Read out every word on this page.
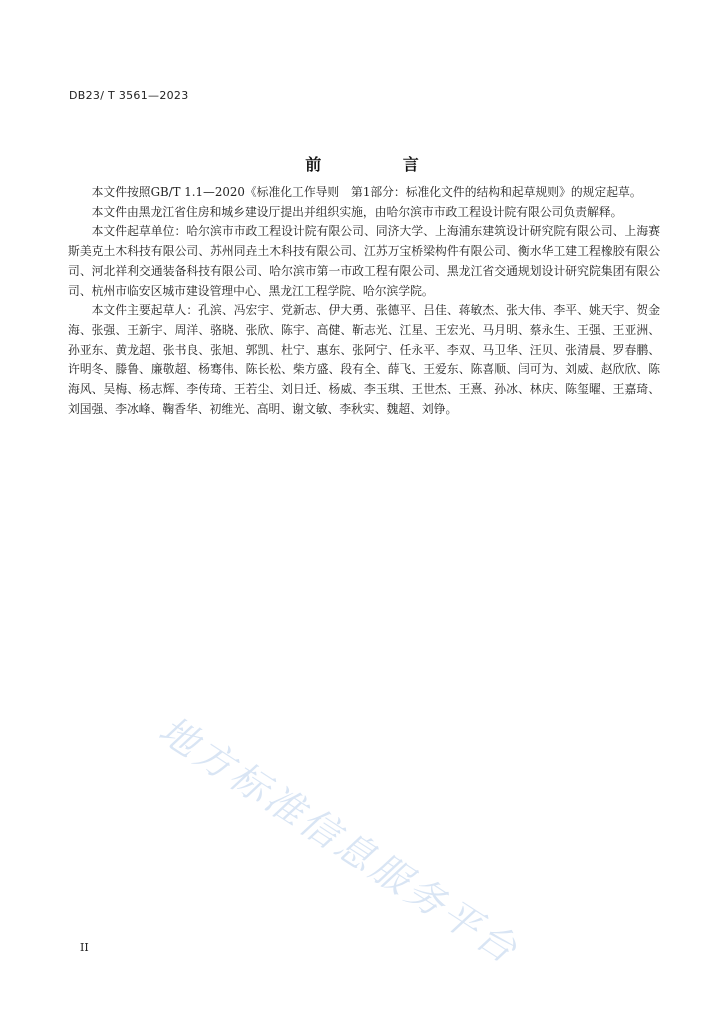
DB23/ T 3561—2023
前 言

本文件按照GB/T 1.1—2020《标准化工作导则　第1部分：标准化文件的结构和起草规则》的规定起草。

本文件由黑龙江省住房和城乡建设厅提出并组织实施，由哈尔滨市市政工程设计院有限公司负责解释。

本文件起草单位：哈尔滨市市政工程设计院有限公司、同济大学、上海浦东建筑设计研究院有限公司、上海赛斯美克土木科技有限公司、苏州同垚土木科技有限公司、江苏万宝桥梁构件有限公司、衡水华工建工程橡胶有限公司、河北祥利交通装备科技有限公司、哈尔滨市第一市政工程有限公司、黑龙江省交通规划设计研究院集团有限公司、杭州市临安区城市建设管理中心、黑龙江工程学院、哈尔滨学院。

本文件主要起草人：孔滨、冯宏宇、党新志、伊大勇、张德平、吕佳、蒋敏杰、张大伟、李平、姚天宇、贺金海、张强、王新宇、周洋、骆晓、张欣、陈宇、高健、靳志光、江星、王宏光、马月明、蔡永生、王强、王亚洲、孙亚东、黄龙超、张书良、张旭、郭凯、杜宁、惠东、张阿宁、任永平、李双、马卫华、汪贝、张清晨、罗春鹏、许明冬、滕鲁、廉敬超、杨骞伟、陈长松、柴方盛、段有全、薛飞、王爱东、陈喜顺、闫可为、刘威、赵欣欣、陈海风、吴梅、杨志辉、李传琦、王若尘、刘日迁、杨威、李玉琪、王世杰、王熹、孙冰、林庆、陈玺曜、王嘉琦、刘国强、李冰峰、鞠香华、初维光、高明、谢文敏、李秋实、魏超、刘铮。

地方标准信息服务平台
II
